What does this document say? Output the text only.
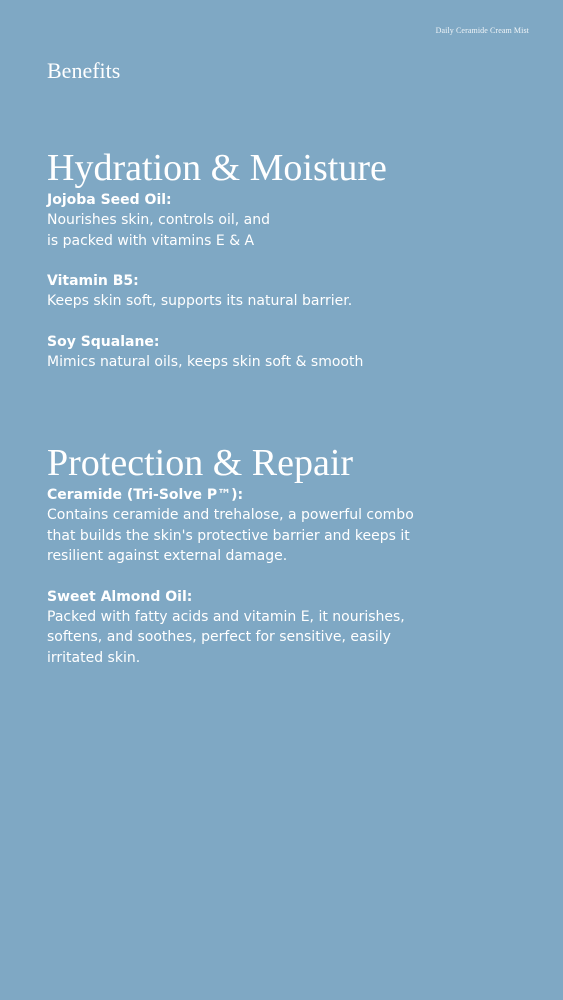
Daily Ceramide Cream Mist
Benefits
Hydration & Moisture
Jojoba Seed Oil:
Nourishes skin, controls oil, and
is packed with vitamins E & A
Vitamin B5:
Keeps skin soft, supports its natural barrier.
Soy Squalane:
Mimics natural oils, keeps skin soft & smooth
Protection & Repair
Ceramide (Tri-Solve P™):
Contains ceramide and trehalose, a powerful combo
that builds the skin's protective barrier and keeps it
resilient against external damage.
Sweet Almond Oil:
Packed with fatty acids and vitamin E, it nourishes,
softens, and soothes, perfect for sensitive, easily
irritated skin.
